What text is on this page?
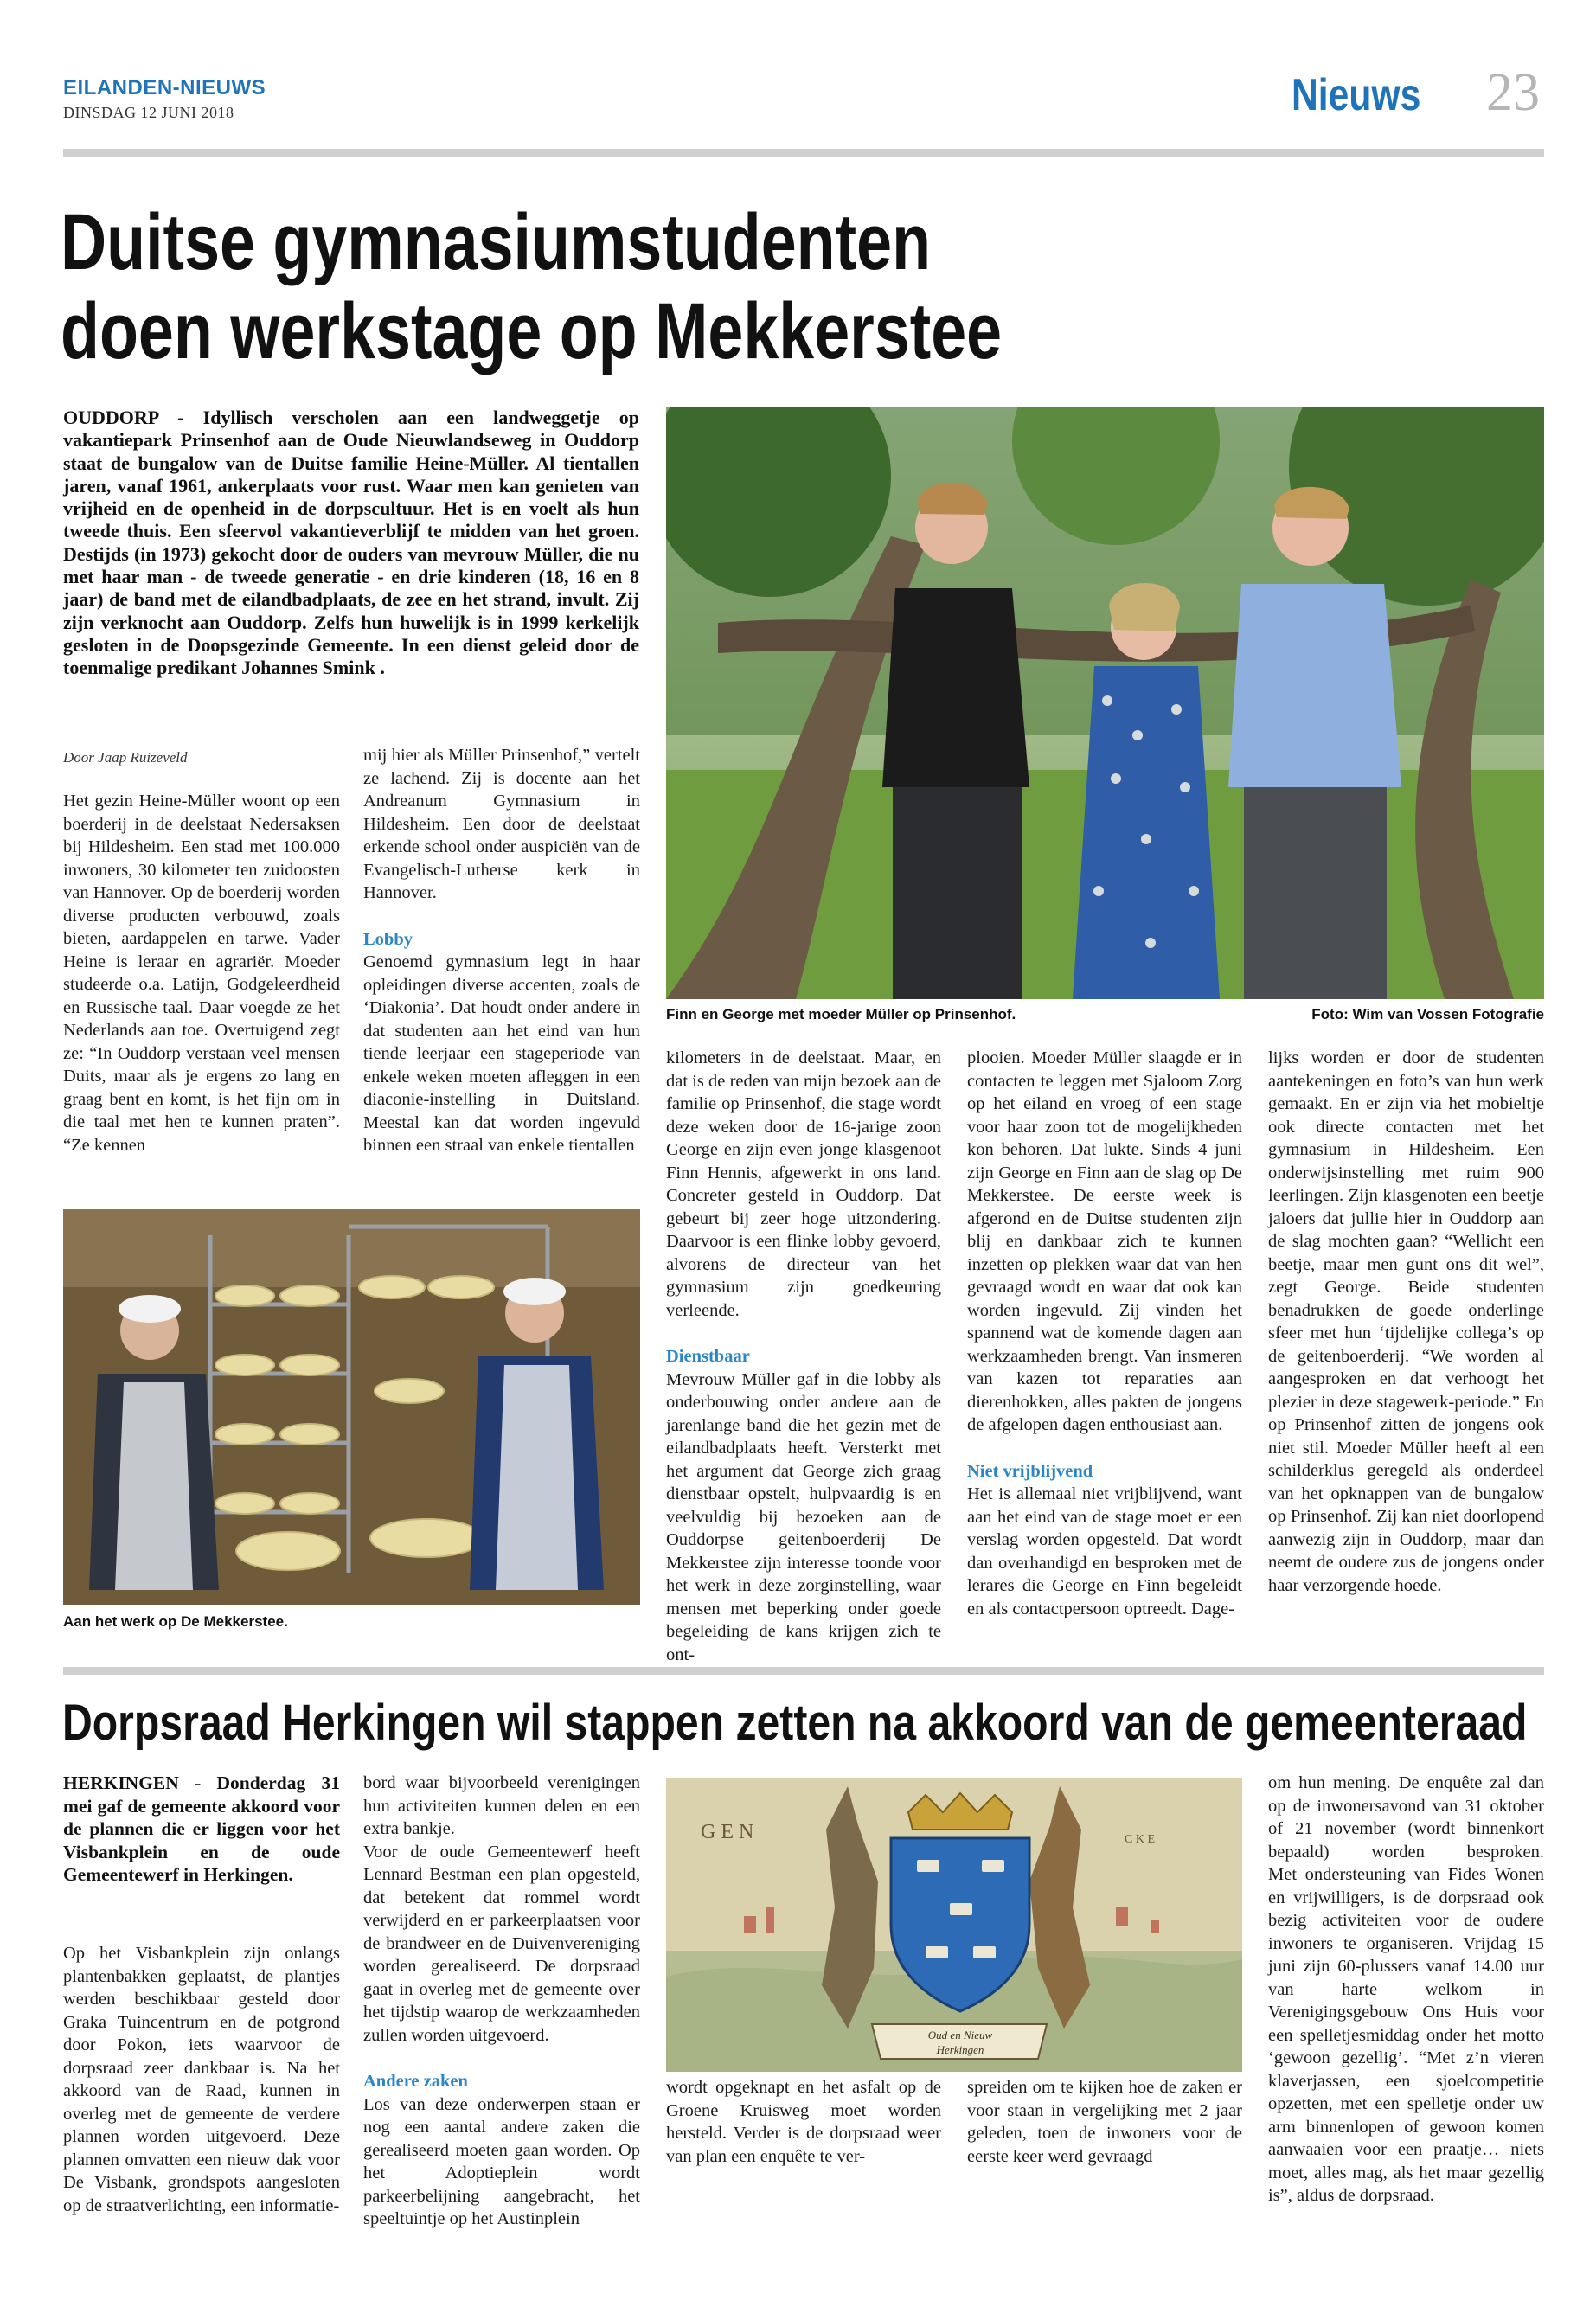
EILANDEN-NIEUWS
DINSDAG 12 JUNI 2018	Nieuws 23
Duitse gymnasiumstudenten
doen werkstage op Mekkerstee
OUDDORP - Idyllisch verscholen aan een landweggetje op vakantiepark Prinsenhof aan de Oude Nieuwlandseweg in Ouddorp staat de bungalow van de Duitse familie Heine-Müller. Al tientallen jaren, vanaf 1961, ankerplaats voor rust. Waar men kan genieten van vrijheid en de openheid in de dorpscultuur. Het is en voelt als hun tweede thuis. Een sfeervol vakantieverblijf te midden van het groen. Destijds (in 1973) gekocht door de ouders van mevrouw Müller, die nu met haar man - de tweede generatie - en drie kinderen (18, 16 en 8 jaar) de band met de eilandbadplaats, de zee en het strand, invult. Zij zijn verknocht aan Ouddorp. Zelfs hun huwelijk is in 1999 kerkelijk gesloten in de Doopsgezinde Gemeente. In een dienst geleid door de toenmalige predikant Johannes Smink .
Door Jaap Ruizeveld

Het gezin Heine-Müller woont op een boerderij in de deelstaat Nedersaksen bij Hildesheim. Een stad met 100.000 inwoners, 30 kilometer ten zuidoosten van Hannover. Op de boerderij worden diverse producten verbouwd, zoals bieten, aardappelen en tarwe. Vader Heine is leraar en agrariër. Moeder studeerde o.a. Latijn, Godgeleerdheid en Russische taal. Daar voegde ze het Nederlands aan toe. Overtuigend zegt ze: “In Ouddorp verstaan veel mensen Duits, maar als je ergens zo lang en graag bent en komt, is het fijn om in die taal met hen te kunnen praten”. “Ze kennen

mij hier als Müller Prinsenhof,” vertelt ze lachend. Zij is docente aan het Andreanum Gymnasium in Hildesheim. Een door de deelstaat erkende school onder auspiciën van de Evangelisch-Lutherse kerk in Hannover.

Lobby

Genoemd gymnasium legt in haar opleidingen diverse accenten, zoals de ‘Diakonia’. Dat houdt onder andere in dat studenten aan het eind van hun tiende leerjaar een stageperiode van enkele weken moeten afleggen in een diaconie-instelling in Duitsland. Meestal kan dat worden ingevuld binnen een straal van enkele tientallen

Finn en George met moeder Müller op Prinsenhof.	Foto: Wim van Vossen Fotografie
Aan het werk op De Mekkerstee.

kilometers in de deelstaat. Maar, en dat is de reden van mijn bezoek aan de familie op Prinsenhof, die stage wordt deze weken door de 16-jarige zoon George en zijn even jonge klasgenoot Finn Hennis, afgewerkt in ons land. Concreter gesteld in Ouddorp. Dat gebeurt bij zeer hoge uitzondering. Daarvoor is een flinke lobby gevoerd, alvorens de directeur van het gymnasium zijn goedkeuring verleende.

Dienstbaar

Mevrouw Müller gaf in die lobby als onderbouwing onder andere aan de jarenlange band die het gezin met de eilandbadplaats heeft. Versterkt met het argument dat George zich graag dienstbaar opstelt, hulpvaardig is en veelvuldig bij bezoeken aan de Ouddorpse geitenboerderij De Mekkerstee zijn interesse toonde voor het werk in deze zorginstelling, waar mensen met beperking onder goede begeleiding de kans krijgen zich te ont-

plooien. Moeder Müller slaagde er in contacten te leggen met Sjaloom Zorg op het eiland en vroeg of een stage voor haar zoon tot de mogelijkheden kon behoren. Dat lukte. Sinds 4 juni zijn George en Finn aan de slag op De Mekkerstee. De eerste week is afgerond en de Duitse studenten zijn blij en dankbaar zich te kunnen inzetten op plekken waar dat van hen gevraagd wordt en waar dat ook kan worden ingevuld. Zij vinden het spannend wat de komende dagen aan werkzaamheden brengt. Van insmeren van kazen tot reparaties aan dierenhokken, alles pakten de jongens de afgelopen dagen enthousiast aan.

Niet vrijblijvend

Het is allemaal niet vrijblijvend, want aan het eind van de stage moet er een verslag worden opgesteld. Dat wordt dan overhandigd en besproken met de lerares die George en Finn begeleidt en als contactpersoon optreedt. Dage-

lijks worden er door de studenten aantekeningen en foto’s van hun werk gemaakt. En er zijn via het mobieltje ook directe contacten met het gymnasium in Hildesheim. Een onderwijsinstelling met ruim 900 leerlingen. Zijn klasgenoten een beetje jaloers dat jullie hier in Ouddorp aan de slag mochten gaan? “Wellicht een beetje, maar men gunt ons dit wel”, zegt George. Beide studenten benadrukken de goede onderlinge sfeer met hun ‘tijdelijke collega’s op de geitenboerderij. “We worden al aangesproken en dat verhoogt het plezier in deze stagewerk-periode.” En op Prinsenhof zitten de jongens ook niet stil. Moeder Müller heeft al een schilderklus geregeld als onderdeel van het opknappen van de bungalow op Prinsenhof. Zij kan niet doorlopend aanwezig zijn in Ouddorp, maar dan neemt de oudere zus de jongens onder haar verzorgende hoede.

Dorpsraad Herkingen wil stappen zetten na akkoord van de gemeenteraad
HERKINGEN - Donderdag 31 mei gaf de gemeente akkoord voor de plannen die er liggen voor het Visbankplein en de oude Gemeentewerf in Herkingen.

Op het Visbankplein zijn onlangs plantenbakken geplaatst, de plantjes werden beschikbaar gesteld door Graka Tuincentrum en de potgrond door Pokon, iets waarvoor de dorpsraad zeer dankbaar is. Na het akkoord van de Raad, kunnen in overleg met de gemeente de verdere plannen worden uitgevoerd. Deze plannen omvatten een nieuw dak voor De Visbank, grondspots aangesloten op de straatverlichting, een informatie-

bord waar bijvoorbeeld verenigingen hun activiteiten kunnen delen en een extra bankje.

Voor de oude Gemeentewerf heeft Lennard Bestman een plan opgesteld, dat betekent dat rommel wordt verwijderd en er parkeerplaatsen voor de brandweer en de Duivenvereniging worden gerealiseerd. De dorpsraad gaat in overleg met de gemeente over het tijdstip waarop de werkzaamheden zullen worden uitgevoerd.

Andere zaken

Los van deze onderwerpen staan er nog een aantal andere zaken die gerealiseerd moeten gaan worden. Op het Adoptieplein wordt parkeerbelijning aangebracht, het speeltuintje op het Austinplein

G E N	C K E
Oud en Nieuw
Herkingen

wordt opgeknapt en het asfalt op de Groene Kruisweg moet worden hersteld. Verder is de dorpsraad weer van plan een enquête te ver-

spreiden om te kijken hoe de zaken er voor staan in vergelijking met 2 jaar geleden, toen de inwoners voor de eerste keer werd gevraagd

om hun mening. De enquête zal dan op de inwonersavond van 31 oktober of 21 november (wordt binnenkort bepaald) worden besproken.

Met ondersteuning van Fides Wonen en vrijwilligers, is de dorpsraad ook bezig activiteiten voor de oudere inwoners te organiseren. Vrijdag 15 juni zijn 60-plussers vanaf 14.00 uur van harte welkom in Verenigingsgebouw Ons Huis voor een spelletjesmiddag onder het motto ‘gewoon gezellig’. “Met z’n vieren klaverjassen, een sjoelcompetitie opzetten, met een spelletje onder uw arm binnenlopen of gewoon komen aanwaaien voor een praatje… niets moet, alles mag, als het maar gezellig is”, aldus de dorpsraad.
